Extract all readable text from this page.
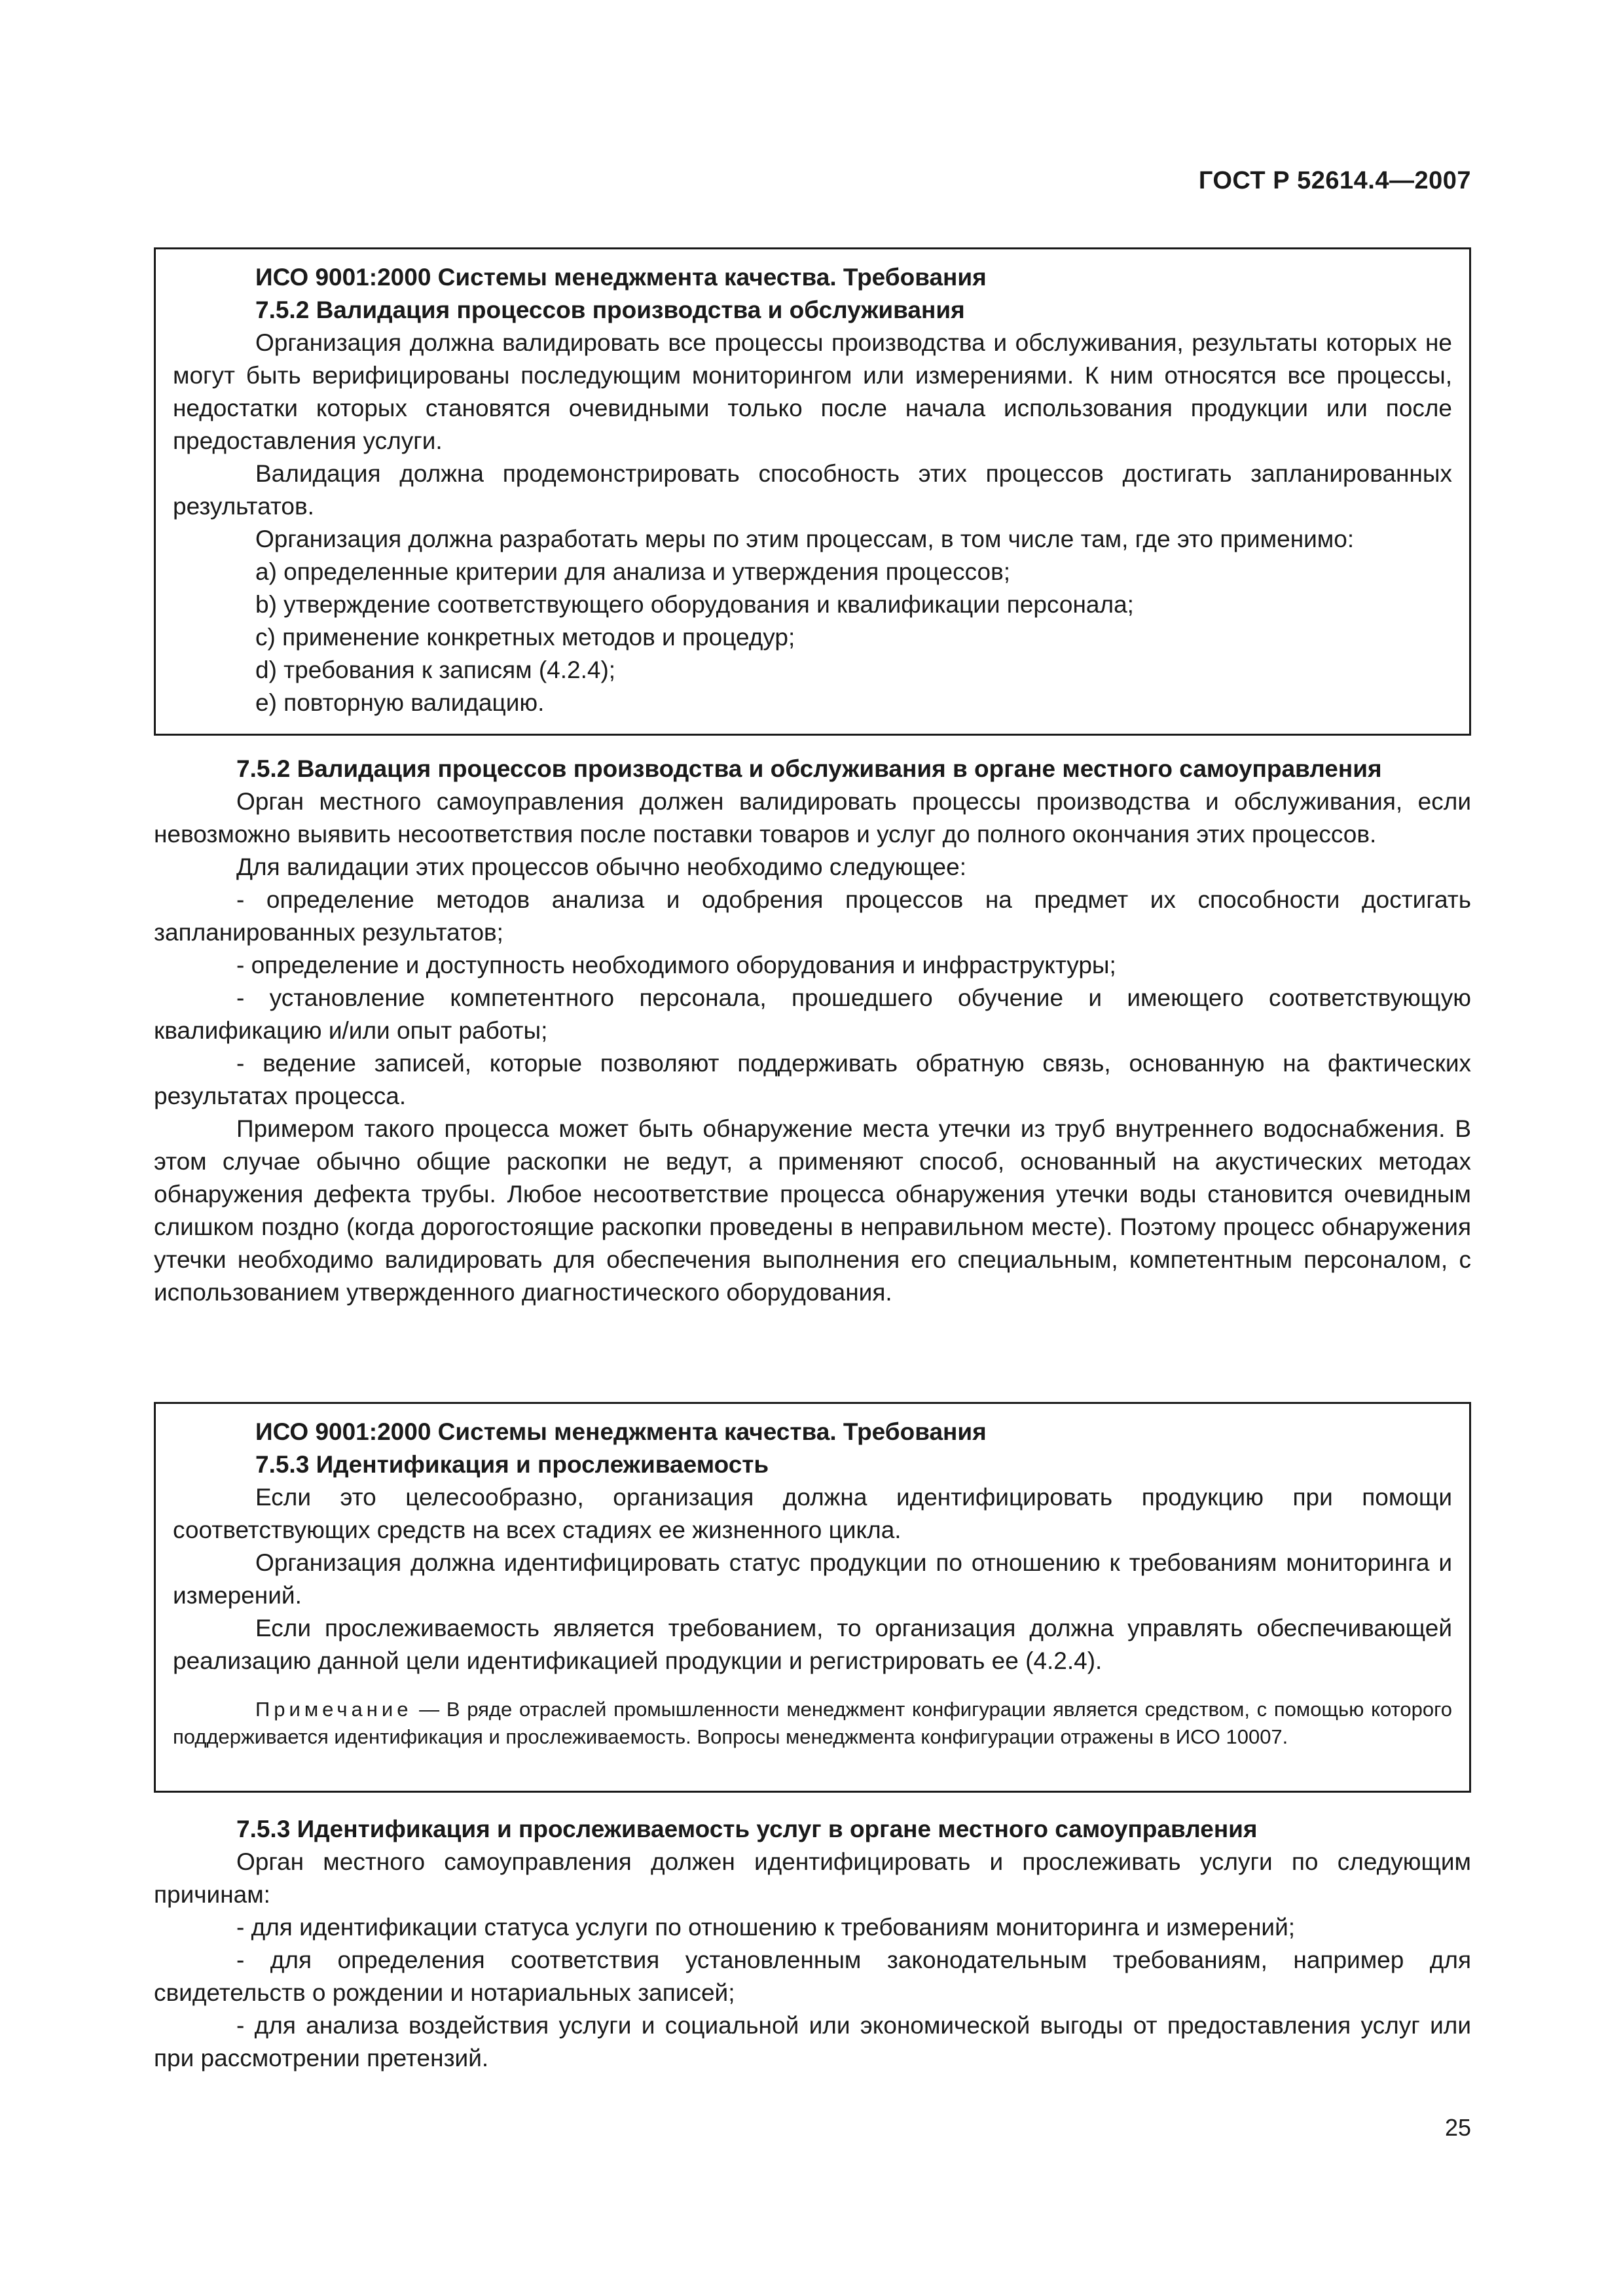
ГОСТ Р 52614.4—2007

ИСО 9001:2000 Системы менеджмента качества. Требования

7.5.2 Валидация процессов производства и обслуживания

Организация должна валидировать все процессы производства и обслуживания, результаты которых не могут быть верифицированы последующим мониторингом или измерениями. К ним относятся все процессы, недостатки которых становятся очевидными только после начала использования продукции или после предоставления услуги.

Валидация должна продемонстрировать способность этих процессов достигать запланированных результатов.

Организация должна разработать меры по этим процессам, в том числе там, где это применимо:

a) определенные критерии для анализа и утверждения процессов;

b) утверждение соответствующего оборудования и квалификации персонала;

c) применение конкретных методов и процедур;

d) требования к записям (4.2.4);

e) повторную валидацию.

7.5.2 Валидация процессов производства и обслуживания в органе местного самоуправления

Орган местного самоуправления должен валидировать процессы производства и обслуживания, если невозможно выявить несоответствия после поставки товаров и услуг до полного окончания этих процессов.

Для валидации этих процессов обычно необходимо следующее:

- определение методов анализа и одобрения процессов на предмет их способности достигать запланированных результатов;

- определение и доступность необходимого оборудования и инфраструктуры;

- установление компетентного персонала, прошедшего обучение и имеющего соответствующую квалификацию и/или опыт работы;

- ведение записей, которые позволяют поддерживать обратную связь, основанную на фактических результатах процесса.

Примером такого процесса может быть обнаружение места утечки из труб внутреннего водоснабжения. В этом случае обычно общие раскопки не ведут, а применяют способ, основанный на акустических методах обнаружения дефекта трубы. Любое несоответствие процесса обнаружения утечки воды становится очевидным слишком поздно (когда дорогостоящие раскопки проведены в неправильном месте). Поэтому процесс обнаружения утечки необходимо валидировать для обеспечения выполнения его специальным, компетентным персоналом, с использованием утвержденного диагностического оборудования.

ИСО 9001:2000 Системы менеджмента качества. Требования

7.5.3 Идентификация и прослеживаемость

Если это целесообразно, организация должна идентифицировать продукцию при помощи соответствующих средств на всех стадиях ее жизненного цикла.

Организация должна идентифицировать статус продукции по отношению к требованиям мониторинга и измерений.

Если прослеживаемость является требованием, то организация должна управлять обеспечивающей реализацию данной цели идентификацией продукции и регистрировать ее (4.2.4).

Примечание — В ряде отраслей промышленности менеджмент конфигурации является средством, с помощью которого поддерживается идентификация и прослеживаемость. Вопросы менеджмента конфигурации отражены в ИСО 10007.

7.5.3 Идентификация и прослеживаемость услуг в органе местного самоуправления

Орган местного самоуправления должен идентифицировать и прослеживать услуги по следующим причинам:

- для идентификации статуса услуги по отношению к требованиям мониторинга и измерений;

- для определения соответствия установленным законодательным требованиям, например для свидетельств о рождении и нотариальных записей;

- для анализа воздействия услуги и социальной или экономической выгоды от предоставления услуг или при рассмотрении претензий.

25
